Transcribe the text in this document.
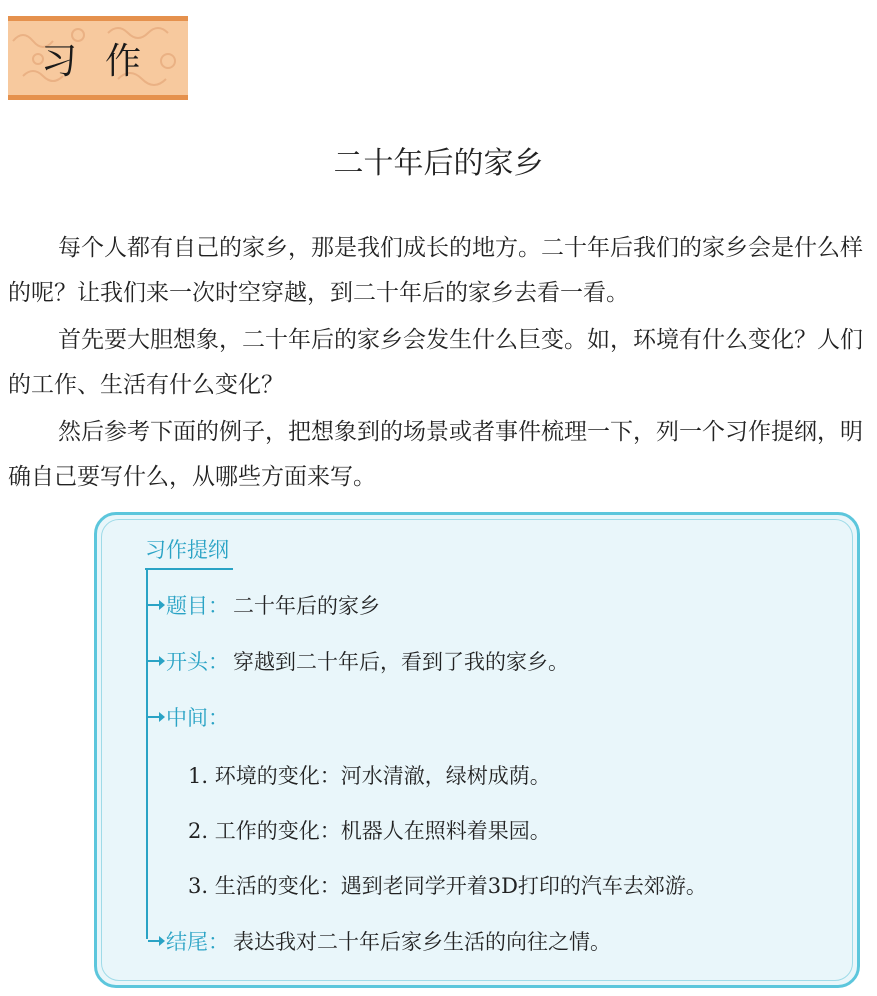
习作
二十年后的家乡

每个人都有自己的家乡，那是我们成长的地方。二十年后我们的家乡会是什么样的呢？让我们来一次时空穿越，到二十年后的家乡去看一看。

首先要大胆想象，二十年后的家乡会发生什么巨变。如，环境有什么变化？人们的工作、生活有什么变化？

然后参考下面的例子，把想象到的场景或者事件梳理一下，列一个习作提纲，明确自己要写什么，从哪些方面来写。

习作提纲
题目： 二十年后的家乡
开头： 穿越到二十年后，看到了我的家乡。
中间：
1. 环境的变化：河水清澈，绿树成荫。
2. 工作的变化：机器人在照料着果园。
3. 生活的变化：遇到老同学开着3D打印的汽车去郊游。
结尾： 表达我对二十年后家乡生活的向往之情。
